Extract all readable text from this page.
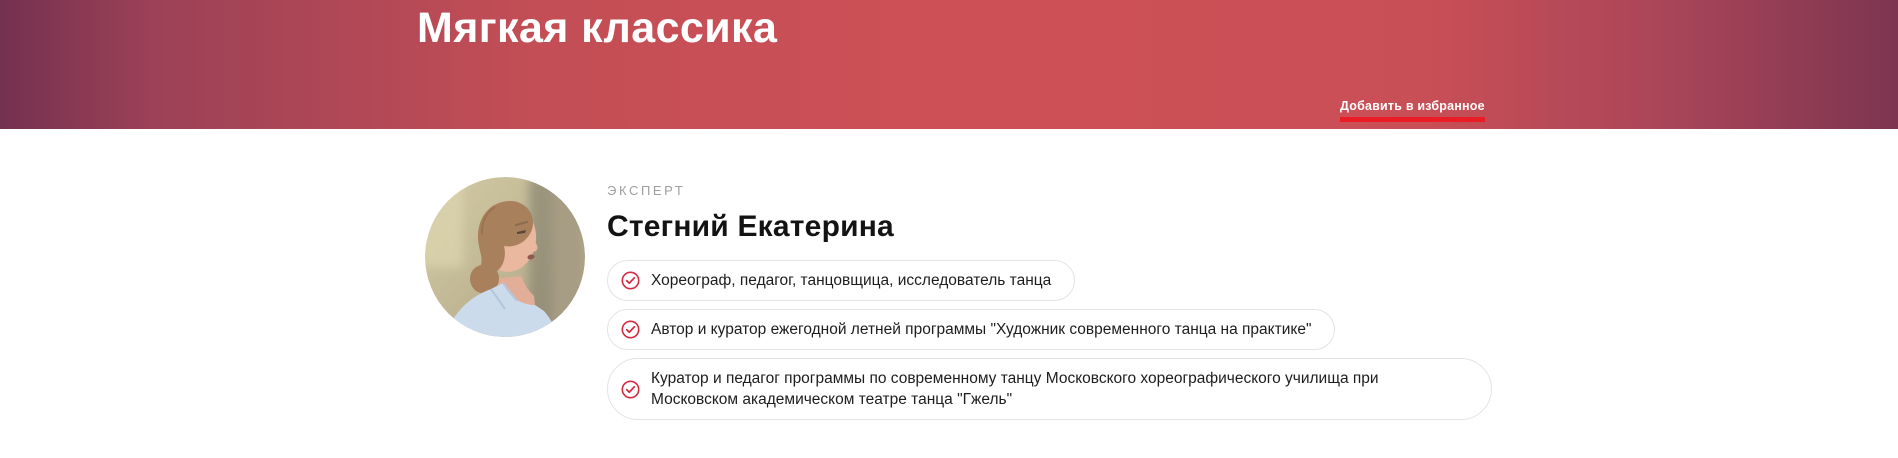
Мягкая классика
Добавить в избранное
ЭКСПЕРТ
Стегний Екатерина
Хореограф, педагог, танцовщица, исследователь танца
Автор и куратор ежегодной летней программы "Художник современного танца на практике"
Куратор и педагог программы по современному танцу Московского хореографического училища при Московском академическом театре танца "Гжель"
